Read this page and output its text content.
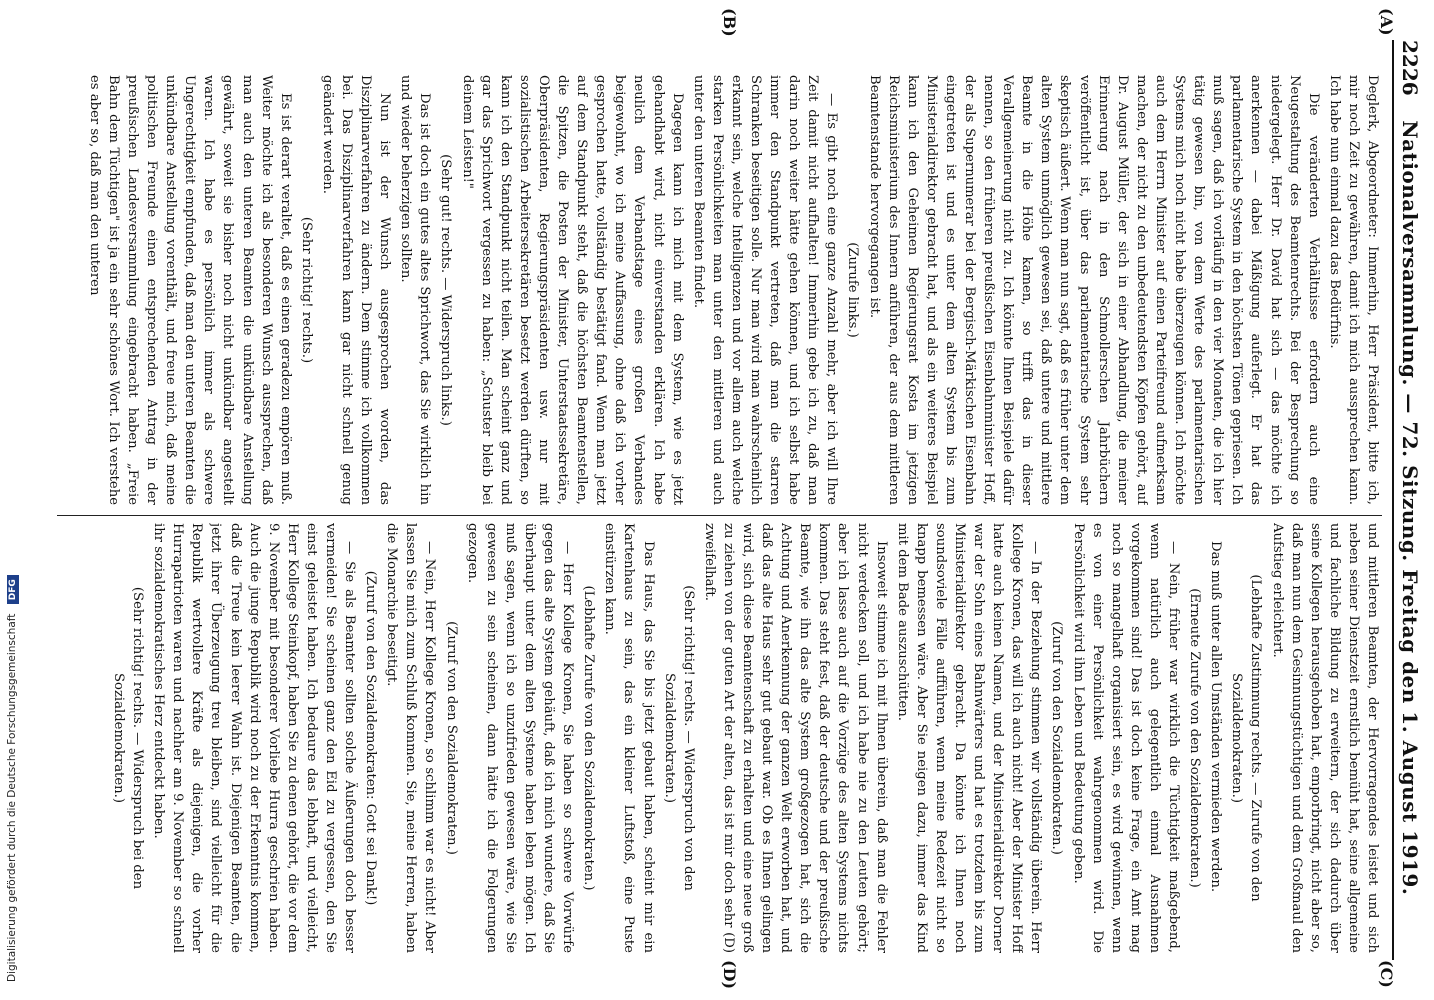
2226
Nationalversammlung. — 72. Sitzung. Freitag den 1. August 1919.
(A)
(B)
(C)
(D)

Deglerk, Abgeordneter: Immerhin, Herr Präsident, bitte ich, mir noch Zeit zu gewähren, damit ich mich aussprechen kann. Ich habe nun einmal dazu das Bedürfnis.

Die veränderten Verhältnisse erfordern auch eine Neugestaltung des Beamtenrechts. Bei der Besprechung so niedergelegt. Herr Dr. David hat sich — das möchte ich anerkennen — dabei Mäßigung auferlegt. Er hat das parlamentarische System in den höchsten Tönen gepriesen. Ich muß sagen, daß ich vorläufig in den vier Monaten, die ich hier tätig gewesen bin, von dem Werte des parlamentarischen Systems mich noch nicht habe überzeugen können. Ich möchte auch dem Herrn Minister auf einen Parteifreund aufmerksam machen, der nicht zu den unbedeutendsten Köpfen gehört, auf Dr. August Müller, der sich in einer Abhandlung, die meiner Erinnerung nach in den Schmollerschen Jahrbüchern veröffentlicht ist, über das parlamentarische System sehr skeptisch äußert. Wenn man nun sagt, daß es früher unter dem alten System unmöglich gewesen sei, daß untere und mittlere Beamte in die Höhe kamen, so trifft das in dieser Verallgemeinerung nicht zu. Ich könnte Ihnen Beispiele dafür nennen, so den früheren preußischen Eisenbahnminister Hoff, der als Supernumerar bei der Bergisch-Märkischen Eisenbahn eingetreten ist und es unter dem alten System bis zum Ministerialdirektor gebracht hat, und als ein weiteres Beispiel kann ich den Geheimen Regierungsrat Kosta im jetzigen Reichsministerium des Innern anführen, der aus dem mittleren Beamtenstande hervorgegangen ist.

(Zurufe links.)

— Es gibt noch eine ganze Anzahl mehr, aber ich will Ihre Zeit damit nicht aufhalten! Immerhin gebe ich zu, daß man darin noch weiter hätte gehen können, und ich selbst habe immer den Standpunkt vertreten, daß man die starren Schranken beseitigen solle. Nur man wird man wahrscheinlich erkannt sein, welche Intelligenzen und vor allem auch welche starken Persönlichkeiten man unter den mittleren und auch unter den unteren Beamten findet.

Dagegen kann ich mich mit dem System, wie es jetzt gehandhabt wird, nicht einverstanden erklären. Ich habe neulich dem Verbandstage eines großen Verbandes beigewohnt, wo ich meine Auffassung, ohne daß ich vorher gesprochen hatte, vollständig bestätigt fand. Wenn man jetzt auf dem Standpunkt steht, daß die höchsten Beamtenstellen, die Spitzen, die Posten der Minister, Unterstaatssekretäre, Oberpräsidenten, Regierungspräsidenten usw. nur mit sozialistischen Arbeitersekretären besetzt werden dürften, so kann ich den Standpunkt nicht teilen. Man scheint ganz und gar das Sprichwort vergessen zu haben: „Schuster bleib bei deinem Leisten!"

(Sehr gut! rechts. — Widerspruch links.)

Das ist doch ein gutes altes Sprichwort, das Sie wirklich hin und wieder beherzigen sollten.

Nun ist der Wunsch ausgesprochen worden, das Disziplinarverfahren zu ändern. Dem stimme ich vollkommen bei. Das Disziplinarverfahren kann gar nicht schnell genug geändert werden.

(Sehr richtig! rechts.)

Es ist derart veraltet, daß es einen geradezu empören muß. Weiter möchte ich als besonderen Wunsch aussprechen, daß man auch den unteren Beamten die unkündbare Anstellung gewährt, soweit sie bisher noch nicht unkündbar angestellt waren. Ich habe es persönlich immer als schwere Ungerechtigkeit empfunden, daß man den unteren Beamten die unkündbare Anstellung vorenthält, und freue mich, daß meine politischen Freunde einen entsprechenden Antrag in der preußischen Landesversammlung eingebracht haben. „Freie Bahn dem Tüchtigen" ist ja ein sehr schönes Wort. Ich verstehe es aber so, daß man den unteren

und mittleren Beamten, der Hervorragendes leistet und sich neben seiner Dienstzeit ernstlich bemüht hat, seine allgemeine und fachliche Bildung zu erweitern, der sich dadurch über seine Kollegen herausgehoben hat, emporbringt, nicht aber so, daß man nun dem Gesinnungstüchtigen und dem Großmaul den Aufstieg erleichtert.

(Lebhafte Zustimmung rechts. — Zurufe von den Sozialdemokraten.)

Das muß unter allen Umständen vermieden werden.

(Erneute Zurufe von den Sozialdemokraten.)

— Nein, früher war wirklich die Tüchtigkeit maßgebend, wenn natürlich auch gelegentlich einmal Ausnahmen vorgekommen sind! Das ist doch keine Frage, ein Amt mag noch so mangelhaft organisiert sein, es wird gewinnen, wenn es von einer Persönlichkeit wahrgenommen wird. Die Persönlichkeit wird ihm Leben und Bedeutung geben.

(Zuruf von den Sozialdemokraten.)

— In der Beziehung stimmen wir vollständig überein. Herr Kollege Kronen, das will ich auch nicht! Aber der Minister Hoff hatte auch keinen Namen, und der Ministerialdirektor Dorner war der Sohn eines Bahnwärters und hat es trotzdem bis zum Ministerialdirektor gebracht. Da könnte ich Ihnen noch soundsoviele Fälle aufführen, wenn meine Redezeit nicht so knapp bemessen wäre. Aber Sie neigen dazu, immer das Kind mit dem Bade auszuschütten.

Insoweit stimme ich mit Ihnen überein, daß man die Fehler nicht verdecken soll, und ich habe nie zu den Leuten gehört; aber ich lasse auch auf die Vorzüge des alten Systems nichts kommen. Das steht fest, daß der deutsche und der preußische Beamte, wie ihn das alte System großgezogen hat, sich die Achtung und Anerkennung der ganzen Welt erworben hat, und daß das alte Haus sehr gut gebaut war. Ob es Ihnen gelingen wird, sich diese Beamtenschaft zu erhalten und eine neue groß zu ziehen von der guten Art der alten, das ist mir doch sehr (D) zweifelhaft.

(Sehr richtig! rechts. — Widerspruch von den Sozialdemokraten.)

Das Haus, das Sie bis jetzt gebaut haben, scheint mir ein Kartenhaus zu sein, das ein kleiner Luftstoß, eine Puste einstürzen kann.

(Lebhafte Zurufe von den Sozialdemokraten.)

— Herr Kollege Kronen, Sie haben so schwere Vorwürfe gegen das alte System gehäuft, daß ich mich wundere, daß Sie überhaupt unter dem alten Systeme haben leben mögen. Ich muß sagen, wenn ich so unzufrieden gewesen wäre, wie Sie gewesen zu sein scheinen, dann hätte ich die Folgerungen gezogen.

(Zuruf von den Sozialdemokraten.)

— Nein, Herr Kollege Kronen, so schlimm war es nicht! Aber lassen Sie mich zum Schluß kommen. Sie, meine Herren, haben die Monarchie beseitigt.

(Zuruf von den Sozialdemokraten: Gott sei Dank!)

— Sie als Beamter sollten solche Äußerungen doch besser vermeiden! Sie scheinen ganz den Eid zu vergessen, den Sie einst geleistet haben. Ich bedaure das lebhaft, und vielleicht, Herr Kollege Steinkopf, haben Sie zu denen gehört, die vor dem 9. November mit besonderer Vorliebe Hurra geschrien haben. Auch die junge Republik wird noch zu der Erkenntnis kommen, daß die Treue kein leerer Wahn ist. Diejenigen Beamten, die jetzt ihrer Überzeugung treu bleiben, sind vielleicht für die Republik wertvollere Kräfte als diejenigen, die vorher Hurrapatrioten waren und nachher am 9. November so schnell ihr sozialdemokratisches Herz entdeckt haben.

(Sehr richtig! rechts. — Widerspruch bei den Sozialdemokraten.)

Digitalisierung gefördert durch die Deutsche Forschungsgemeinschaft DFG
